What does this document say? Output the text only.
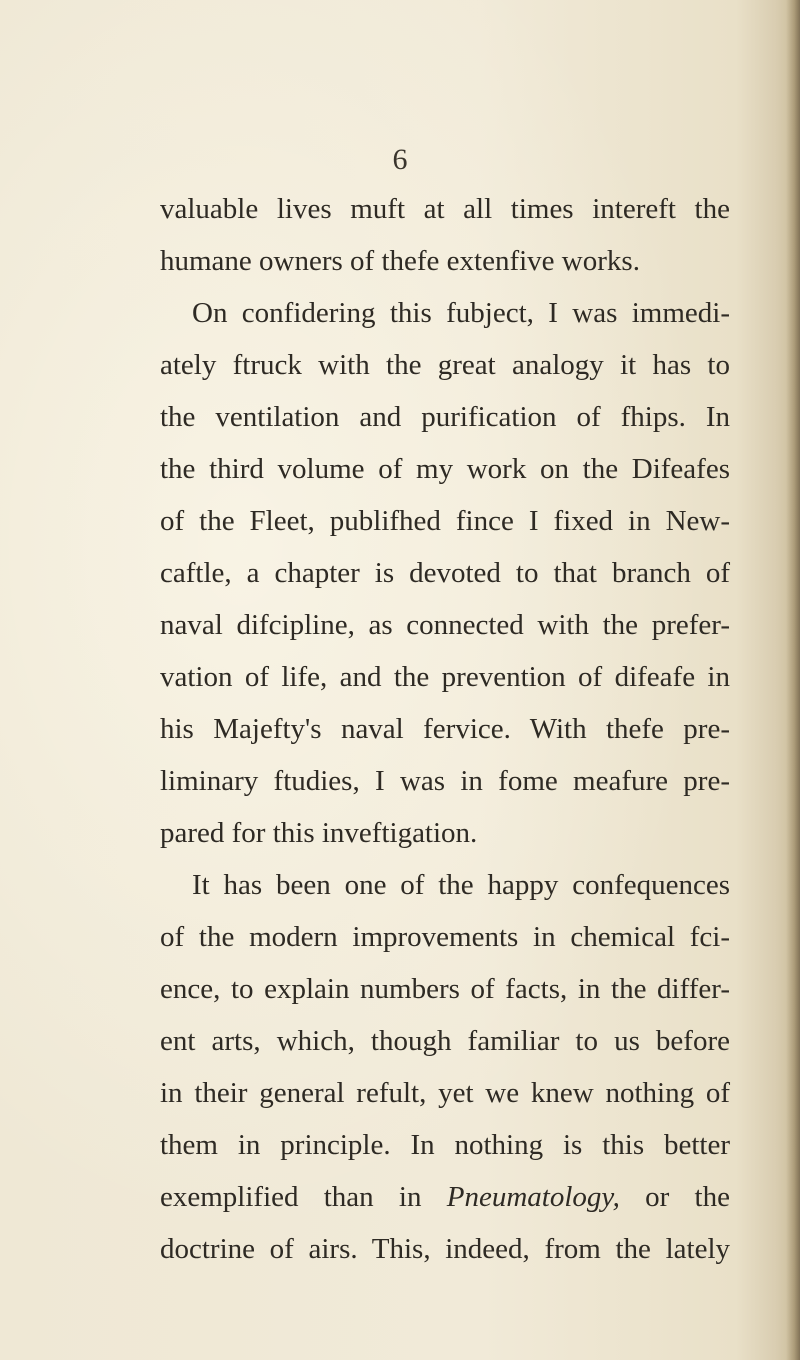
6
valuable lives muft at all times intereft the
humane owners of thefe extenfive works.
On confidering this fubject, I was immedi-
ately ftruck with the great analogy it has to
the ventilation and purification of fhips. In
the third volume of my work on the Difeafes
of the Fleet, publifhed fince I fixed in New-
caftle, a chapter is devoted to that branch of
naval difcipline, as connected with the prefer-
vation of life, and the prevention of difeafe in
his Majefty's naval fervice. With thefe pre-
liminary ftudies, I was in fome meafure pre-
pared for this inveftigation.
It has been one of the happy confequences
of the modern improvements in chemical fci-
ence, to explain numbers of facts, in the differ-
ent arts, which, though familiar to us before
in their general refult, yet we knew nothing of
them in principle. In nothing is this better
exemplified than in Pneumatology, or the
doctrine of airs. This, indeed, from the lately
